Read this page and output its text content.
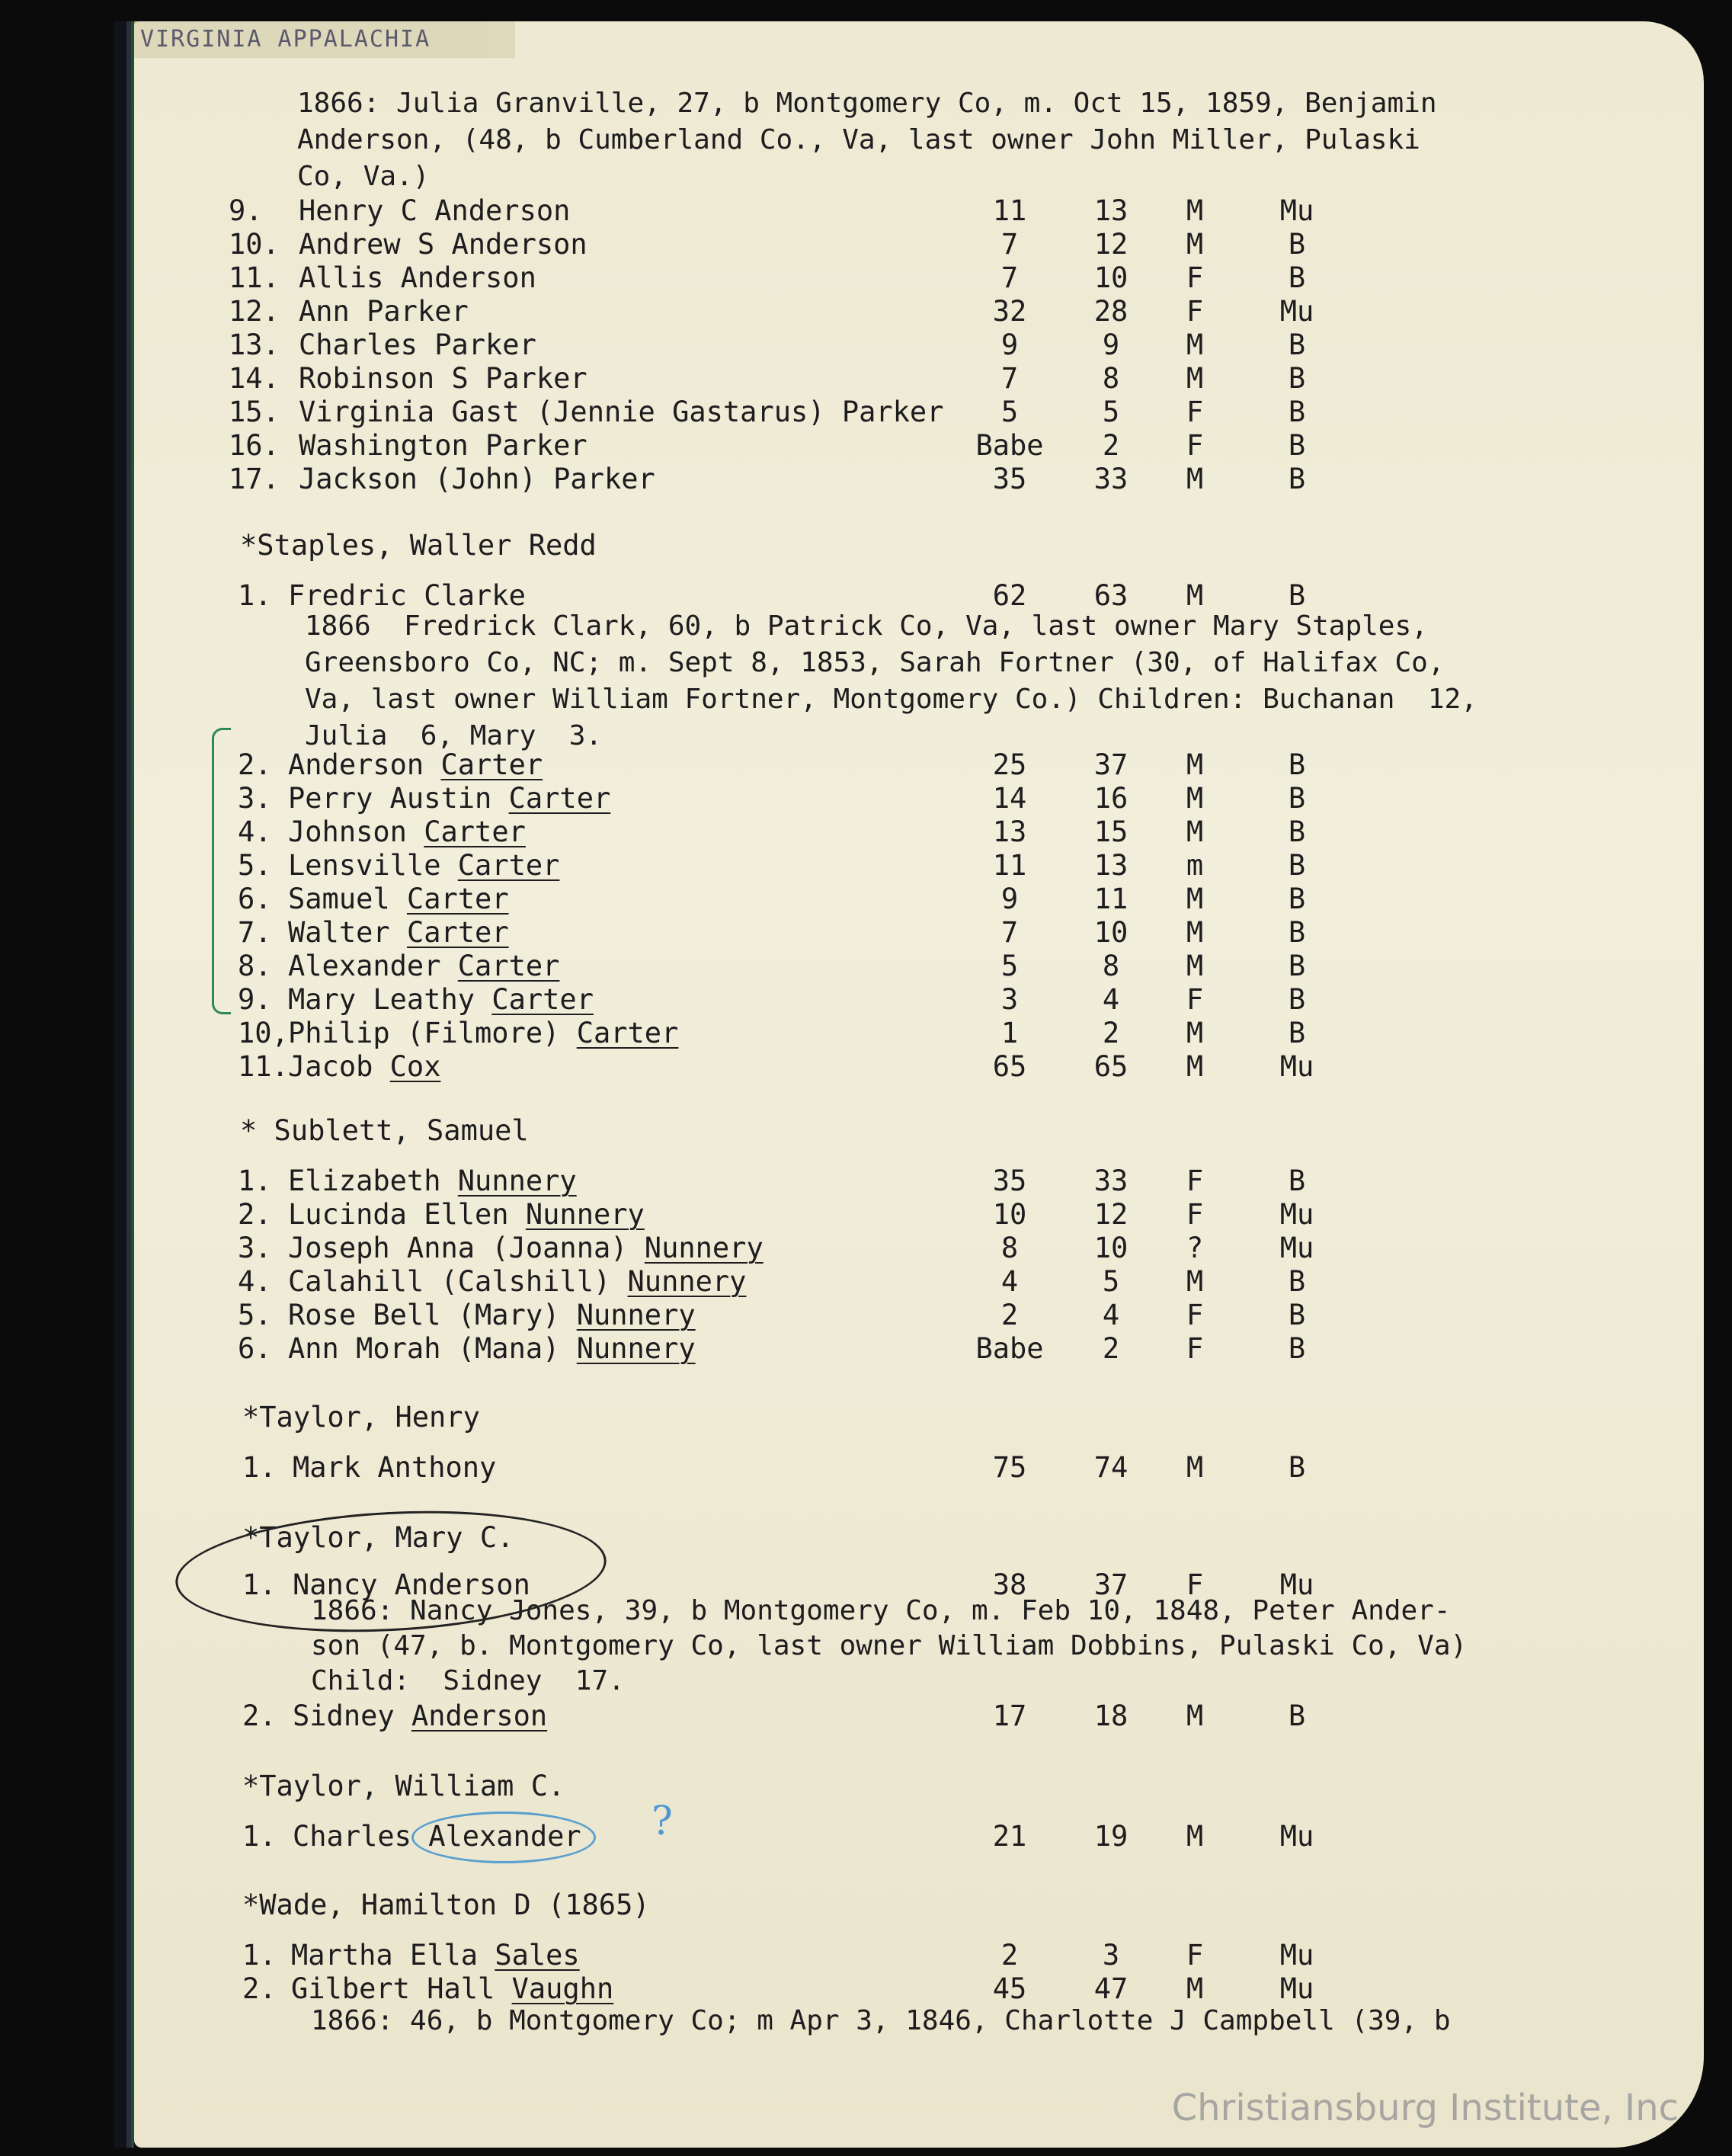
VIRGINIA APPALACHIA
1866: Julia Granville, 27, b Montgomery Co, m. Oct 15, 1859, Benjamin
Anderson, (48, b Cumberland Co., Va, last owner John Miller, Pulaski
Co, Va.)
9. Henry C Anderson	11	13	M	Mu
10. Andrew S Anderson	7	12	M	B
11. Allis Anderson	7	10	F	B
12. Ann Parker	32	28	F	Mu
13. Charles Parker	9	9	M	B
14. Robinson S Parker	7	8	M	B
15. Virginia Gast (Jennie Gastarus) Parker	5	5	F	B
16. Washington Parker	Babe	2	F	B
17. Jackson (John) Parker	35	33	M	B
*Staples, Waller Redd
1. Fredric Clarke	62	63	M	B
1866  Fredrick Clark, 60, b Patrick Co, Va, last owner Mary Staples,
Greensboro Co, NC; m. Sept 8, 1853, Sarah Fortner (30, of Halifax Co,
Va, last owner William Fortner, Montgomery Co.) Children: Buchanan  12,
Julia  6, Mary  3.
2. Anderson Carter	25	37	M	B
3. Perry Austin Carter	14	16	M	B
4. Johnson Carter	13	15	M	B
5. Lensville Carter	11	13	m	B
6. Samuel Carter	9	11	M	B
7. Walter Carter	7	10	M	B
8. Alexander Carter	5	8	M	B
9. Mary Leathy Carter	3	4	F	B
10, Philip (Filmore) Carter	1	2	M	B
11. Jacob Cox	65	65	M	Mu
* Sublett, Samuel
1. Elizabeth Nunnery	35	33	F	B
2. Lucinda Ellen Nunnery	10	12	F	Mu
3. Joseph Anna (Joanna) Nunnery	8	10	?	Mu
4. Calahill (Calshill) Nunnery	4	5	M	B
5. Rose Bell (Mary) Nunnery	2	4	F	B
6. Ann Morah (Mana) Nunnery	Babe	2	F	B
*Taylor, Henry
1. Mark Anthony	75	74	M	B
*Taylor, Mary C.
1. Nancy Anderson	38	37	F	Mu
1866: Nancy Jones, 39, b Montgomery Co, m. Feb 10, 1848, Peter Ander-
son (47, b. Montgomery Co, last owner William Dobbins, Pulaski Co, Va)
Child:  Sidney  17.
2. Sidney Anderson	17	18	M	B
*Taylor, William C.
1. Charles Alexander	21	19	M	Mu
*Wade, Hamilton D (1865)
1. Martha Ella Sales	2	3	F	Mu
2. Gilbert Hall Vaughn	45	47	M	Mu
1866: 46, b Montgomery Co; m Apr 3, 1846, Charlotte J Campbell (39, b
?
Christiansburg Institute, Inc
